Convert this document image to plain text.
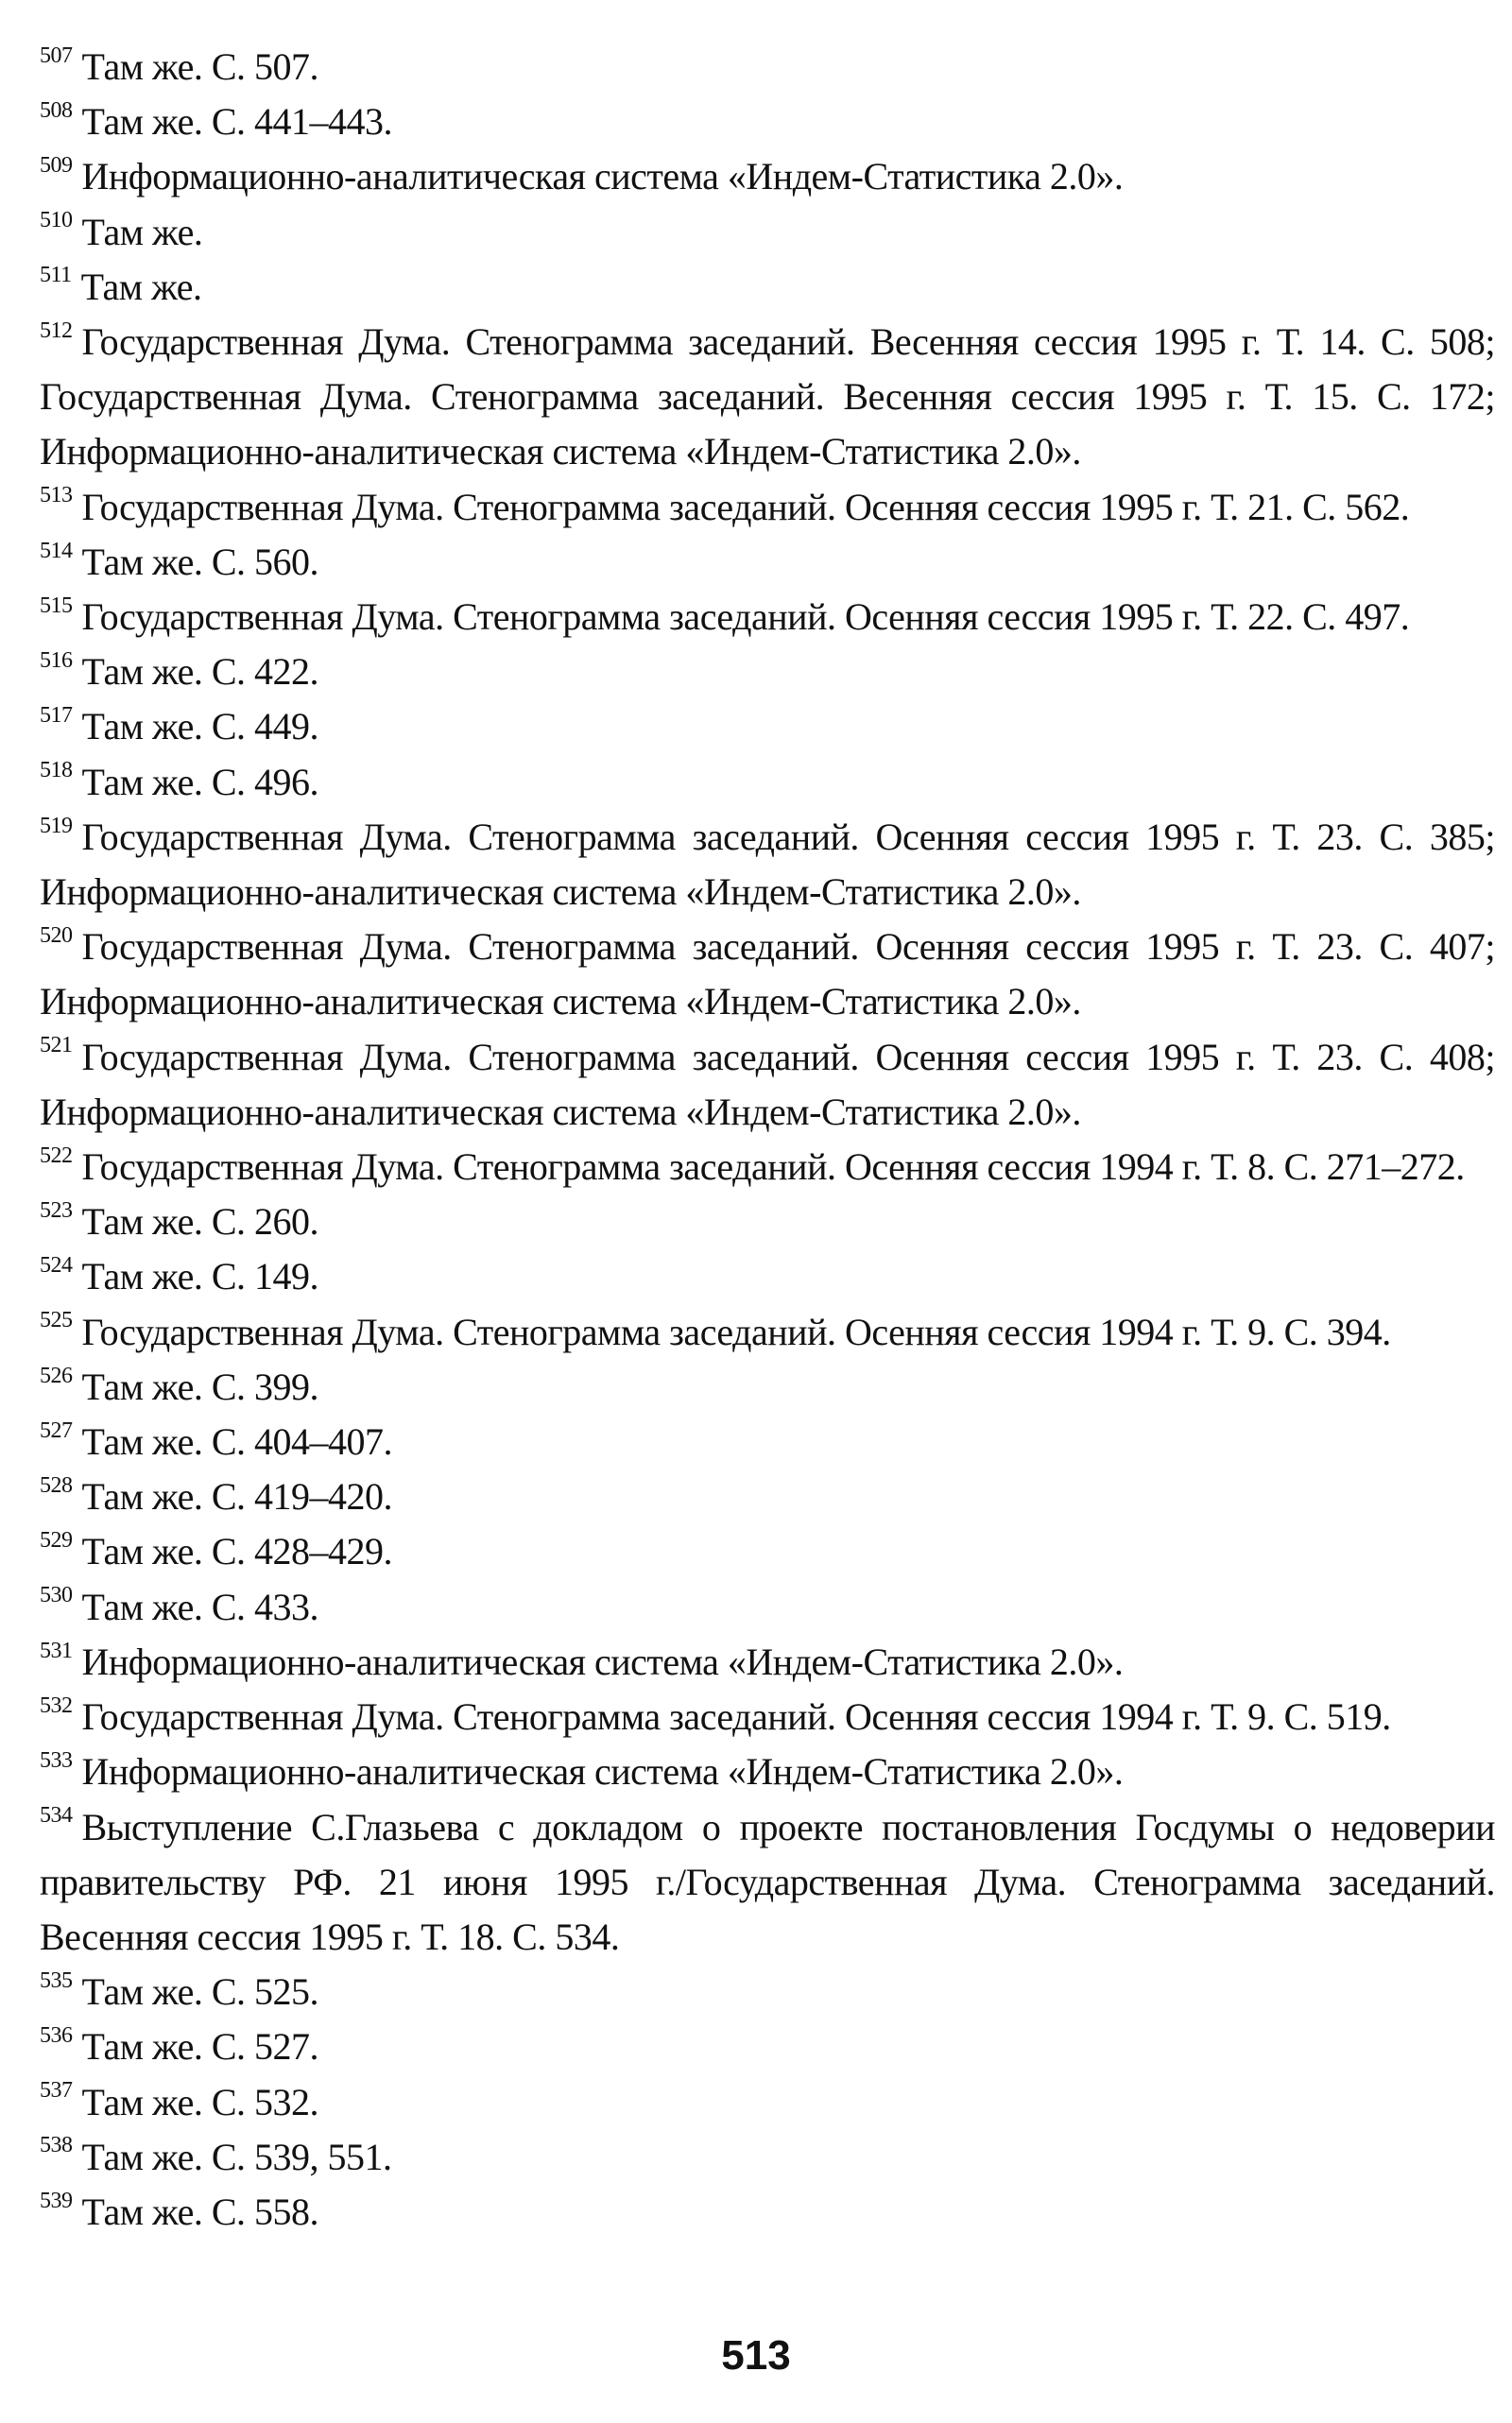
$^{507}$ Там же. С. 507.

$^{508}$ Там же. С. 441–443.

$^{509}$ Информационно-аналитическая система «Индем-Статистика 2.0».

$^{510}$ Там же.

$^{511}$ Там же.

$^{512}$ Государственная Дума. Стенограмма заседаний. Весенняя сессия 1995 г. Т. 14. С. 508; Государственная Дума. Стенограмма заседаний. Весенняя сессия 1995 г. Т. 15. С. 172; Информационно-аналитическая система «Индем-Статистика 2.0».

$^{513}$ Государственная Дума. Стенограмма заседаний. Осенняя сессия 1995 г. Т. 21. С. 562.

$^{514}$ Там же. С. 560.

$^{515}$ Государственная Дума. Стенограмма заседаний. Осенняя сессия 1995 г. Т. 22. С. 497.

$^{516}$ Там же. С. 422.

$^{517}$ Там же. С. 449.

$^{518}$ Там же. С. 496.

$^{519}$ Государственная Дума. Стенограмма заседаний. Осенняя сессия 1995 г. Т. 23. С. 385; Информационно-аналитическая система «Индем-Статистика 2.0».

$^{520}$ Государственная Дума. Стенограмма заседаний. Осенняя сессия 1995 г. Т. 23. С. 407; Информационно-аналитическая система «Индем-Статистика 2.0».

$^{521}$ Государственная Дума. Стенограмма заседаний. Осенняя сессия 1995 г. Т. 23. С. 408; Информационно-аналитическая система «Индем-Статистика 2.0».

$^{522}$ Государственная Дума. Стенограмма заседаний. Осенняя сессия 1994 г. Т. 8. С. 271–272.

$^{523}$ Там же. С. 260.

$^{524}$ Там же. С. 149.

$^{525}$ Государственная Дума. Стенограмма заседаний. Осенняя сессия 1994 г. Т. 9. С. 394.

$^{526}$ Там же. С. 399.

$^{527}$ Там же. С. 404–407.

$^{528}$ Там же. С. 419–420.

$^{529}$ Там же. С. 428–429.

$^{530}$ Там же. С. 433.

$^{531}$ Информационно-аналитическая система «Индем-Статистика 2.0».

$^{532}$ Государственная Дума. Стенограмма заседаний. Осенняя сессия 1994 г. Т. 9. С. 519.

$^{533}$ Информационно-аналитическая система «Индем-Статистика 2.0».

$^{534}$ Выступление С.Глазьева с докладом о проекте постановления Госдумы о недоверии правительству РФ. 21 июня 1995 г./Государственная Дума. Стенограмма заседаний. Весенняя сессия 1995 г. Т. 18. С. 534.

$^{535}$ Там же. С. 525.

$^{536}$ Там же. С. 527.

$^{537}$ Там же. С. 532.

$^{538}$ Там же. С. 539, 551.

$^{539}$ Там же. С. 558.

513
